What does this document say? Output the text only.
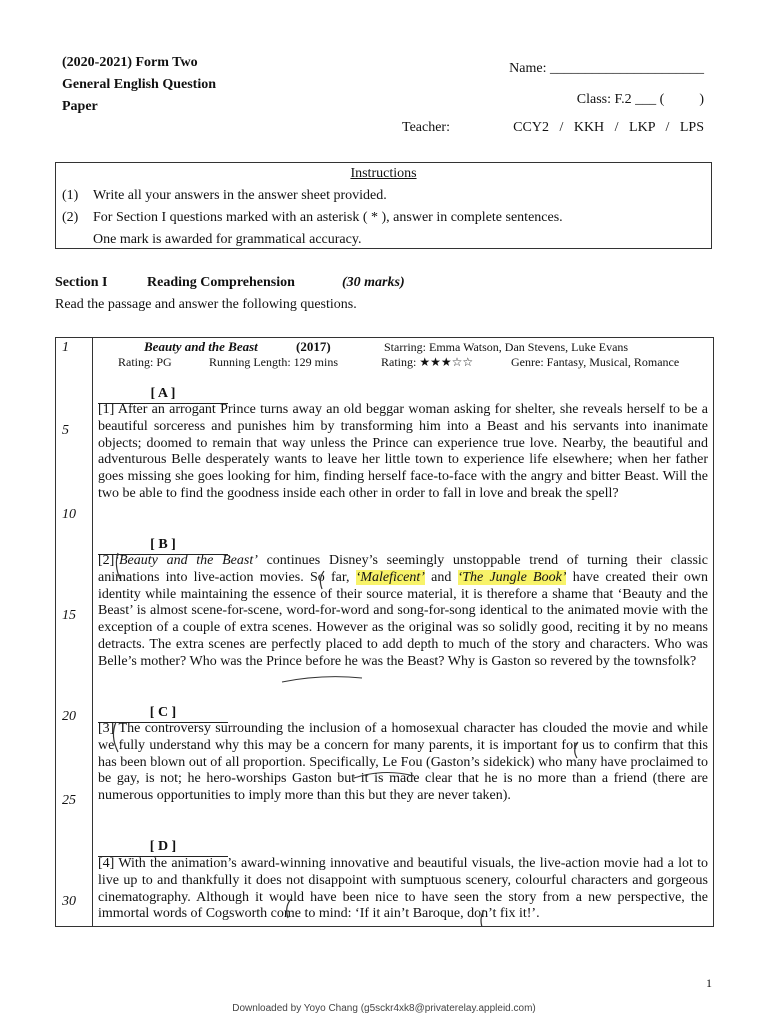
(2020-2021) Form Two
General English Question
Paper
Name: ______________________
Class: F.2 ___ (          )
Teacher:	CCY2   /   KKH   /   LKP   /   LPS
Instructions
(1) Write all your answers in the answer sheet provided.
(2) For Section I questions marked with an asterisk ( * ), answer in complete sentences.
One mark is awarded for grammatical accuracy.
Section I	Reading Comprehension	(30 marks)
Read the passage and answer the following questions.
1
5
10
15
20
25
30
Beauty and the Beast	(2017)	Starring: Emma Watson, Dan Stevens, Luke Evans
Rating: PG	Running Length: 129 mins	Rating: ★★★☆☆	Genre: Fantasy, Musical, Romance
[ A ]

[1] After an arrogant Prince turns away an old beggar woman asking for shelter, she reveals herself to be a beautiful sorceress and punishes him by transforming him into a Beast and his servants into inanimate objects; doomed to remain that way unless the Prince can experience true love. Nearby, the beautiful and adventurous Belle desperately wants to leave her little town to experience life elsewhere; when her father goes missing she goes looking for him, finding herself face-to-face with the angry and bitter Beast. Will the two be able to find the goodness inside each other in order to fall in love and break the spell?

[ B ]

[2]‘Beauty and the Beast’ continues Disney’s seemingly unstoppable trend of turning their classic animations into live-action movies. So far, ‘Maleficent’ and ‘The Jungle Book’ have created their own identity while maintaining the essence of their source material, it is therefore a shame that ‘Beauty and the Beast’ is almost scene-for-scene, word-for-word and song-for-song identical to the animated movie with the exception of a couple of extra scenes. However as the original was so solidly good, reciting it by no means detracts. The extra scenes are perfectly placed to add depth to much of the story and characters. Who was Belle’s mother? Who was the Prince before he was the Beast? Why is Gaston so revered by the townsfolk?

[ C ]

[3] The controversy surrounding the inclusion of a homosexual character has clouded the movie and while we fully understand why this may be a concern for many parents, it is important for us to confirm that this has been blown out of all proportion. Specifically, Le Fou (Gaston’s sidekick) who many have proclaimed to be gay, is not; he hero-worships Gaston but it is made clear that he is no more than a friend (there are numerous opportunities to imply more than this but they are never taken).

[ D ]

[4] With the animation’s award-winning innovative and beautiful visuals, the live-action movie had a lot to live up to and thankfully it does not disappoint with sumptuous scenery, colourful characters and gorgeous cinematography. Although it would have been nice to have seen the story from a new perspective, the immortal words of Cogsworth come to mind: ‘If it ain’t Baroque, don’t fix it!’.

1
Downloaded by Yoyo Chang (g5sckr4xk8@privaterelay.appleid.com)
